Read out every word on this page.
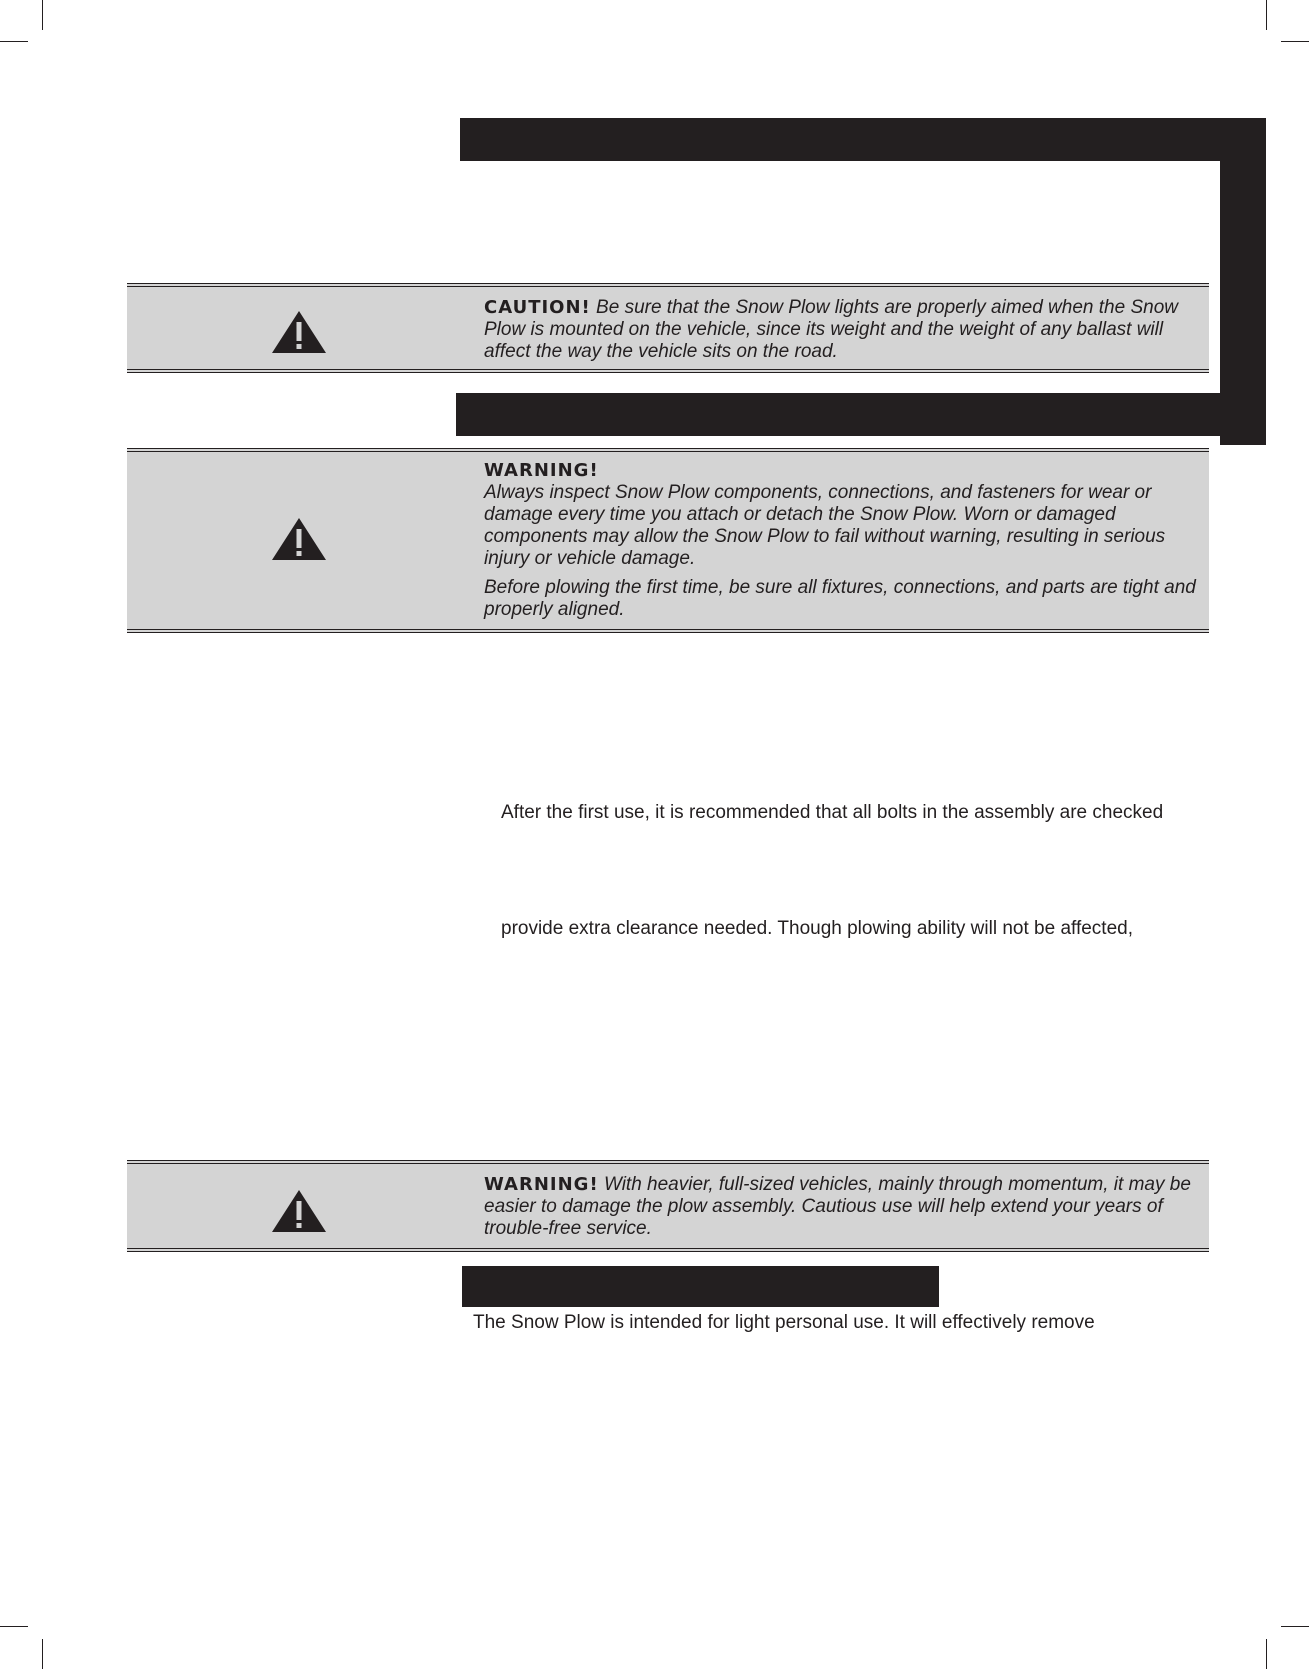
CAUTION! Be sure that the Snow Plow lights are properly aimed when the Snow Plow is mounted on the vehicle, since its weight and the weight of any ballast will affect the way the vehicle sits on the road.

WARNING!

Always inspect Snow Plow components, connections, and fasteners for wear or damage every time you attach or detach the Snow Plow. Worn or damaged components may allow the Snow Plow to fail without warning, resulting in serious injury or vehicle damage.

Before plowing the first time, be sure all fixtures, connections, and parts are tight and properly aligned.

After the first use, it is recommended that all bolts in the assembly are checked
provide extra clearance needed. Though plowing ability will not be affected,

WARNING! With heavier, full-sized vehicles, mainly through momentum, it may be easier to damage the plow assembly. Cautious use will help extend your years of trouble-free service.

The Snow Plow is intended for light personal use. It will effectively remove
